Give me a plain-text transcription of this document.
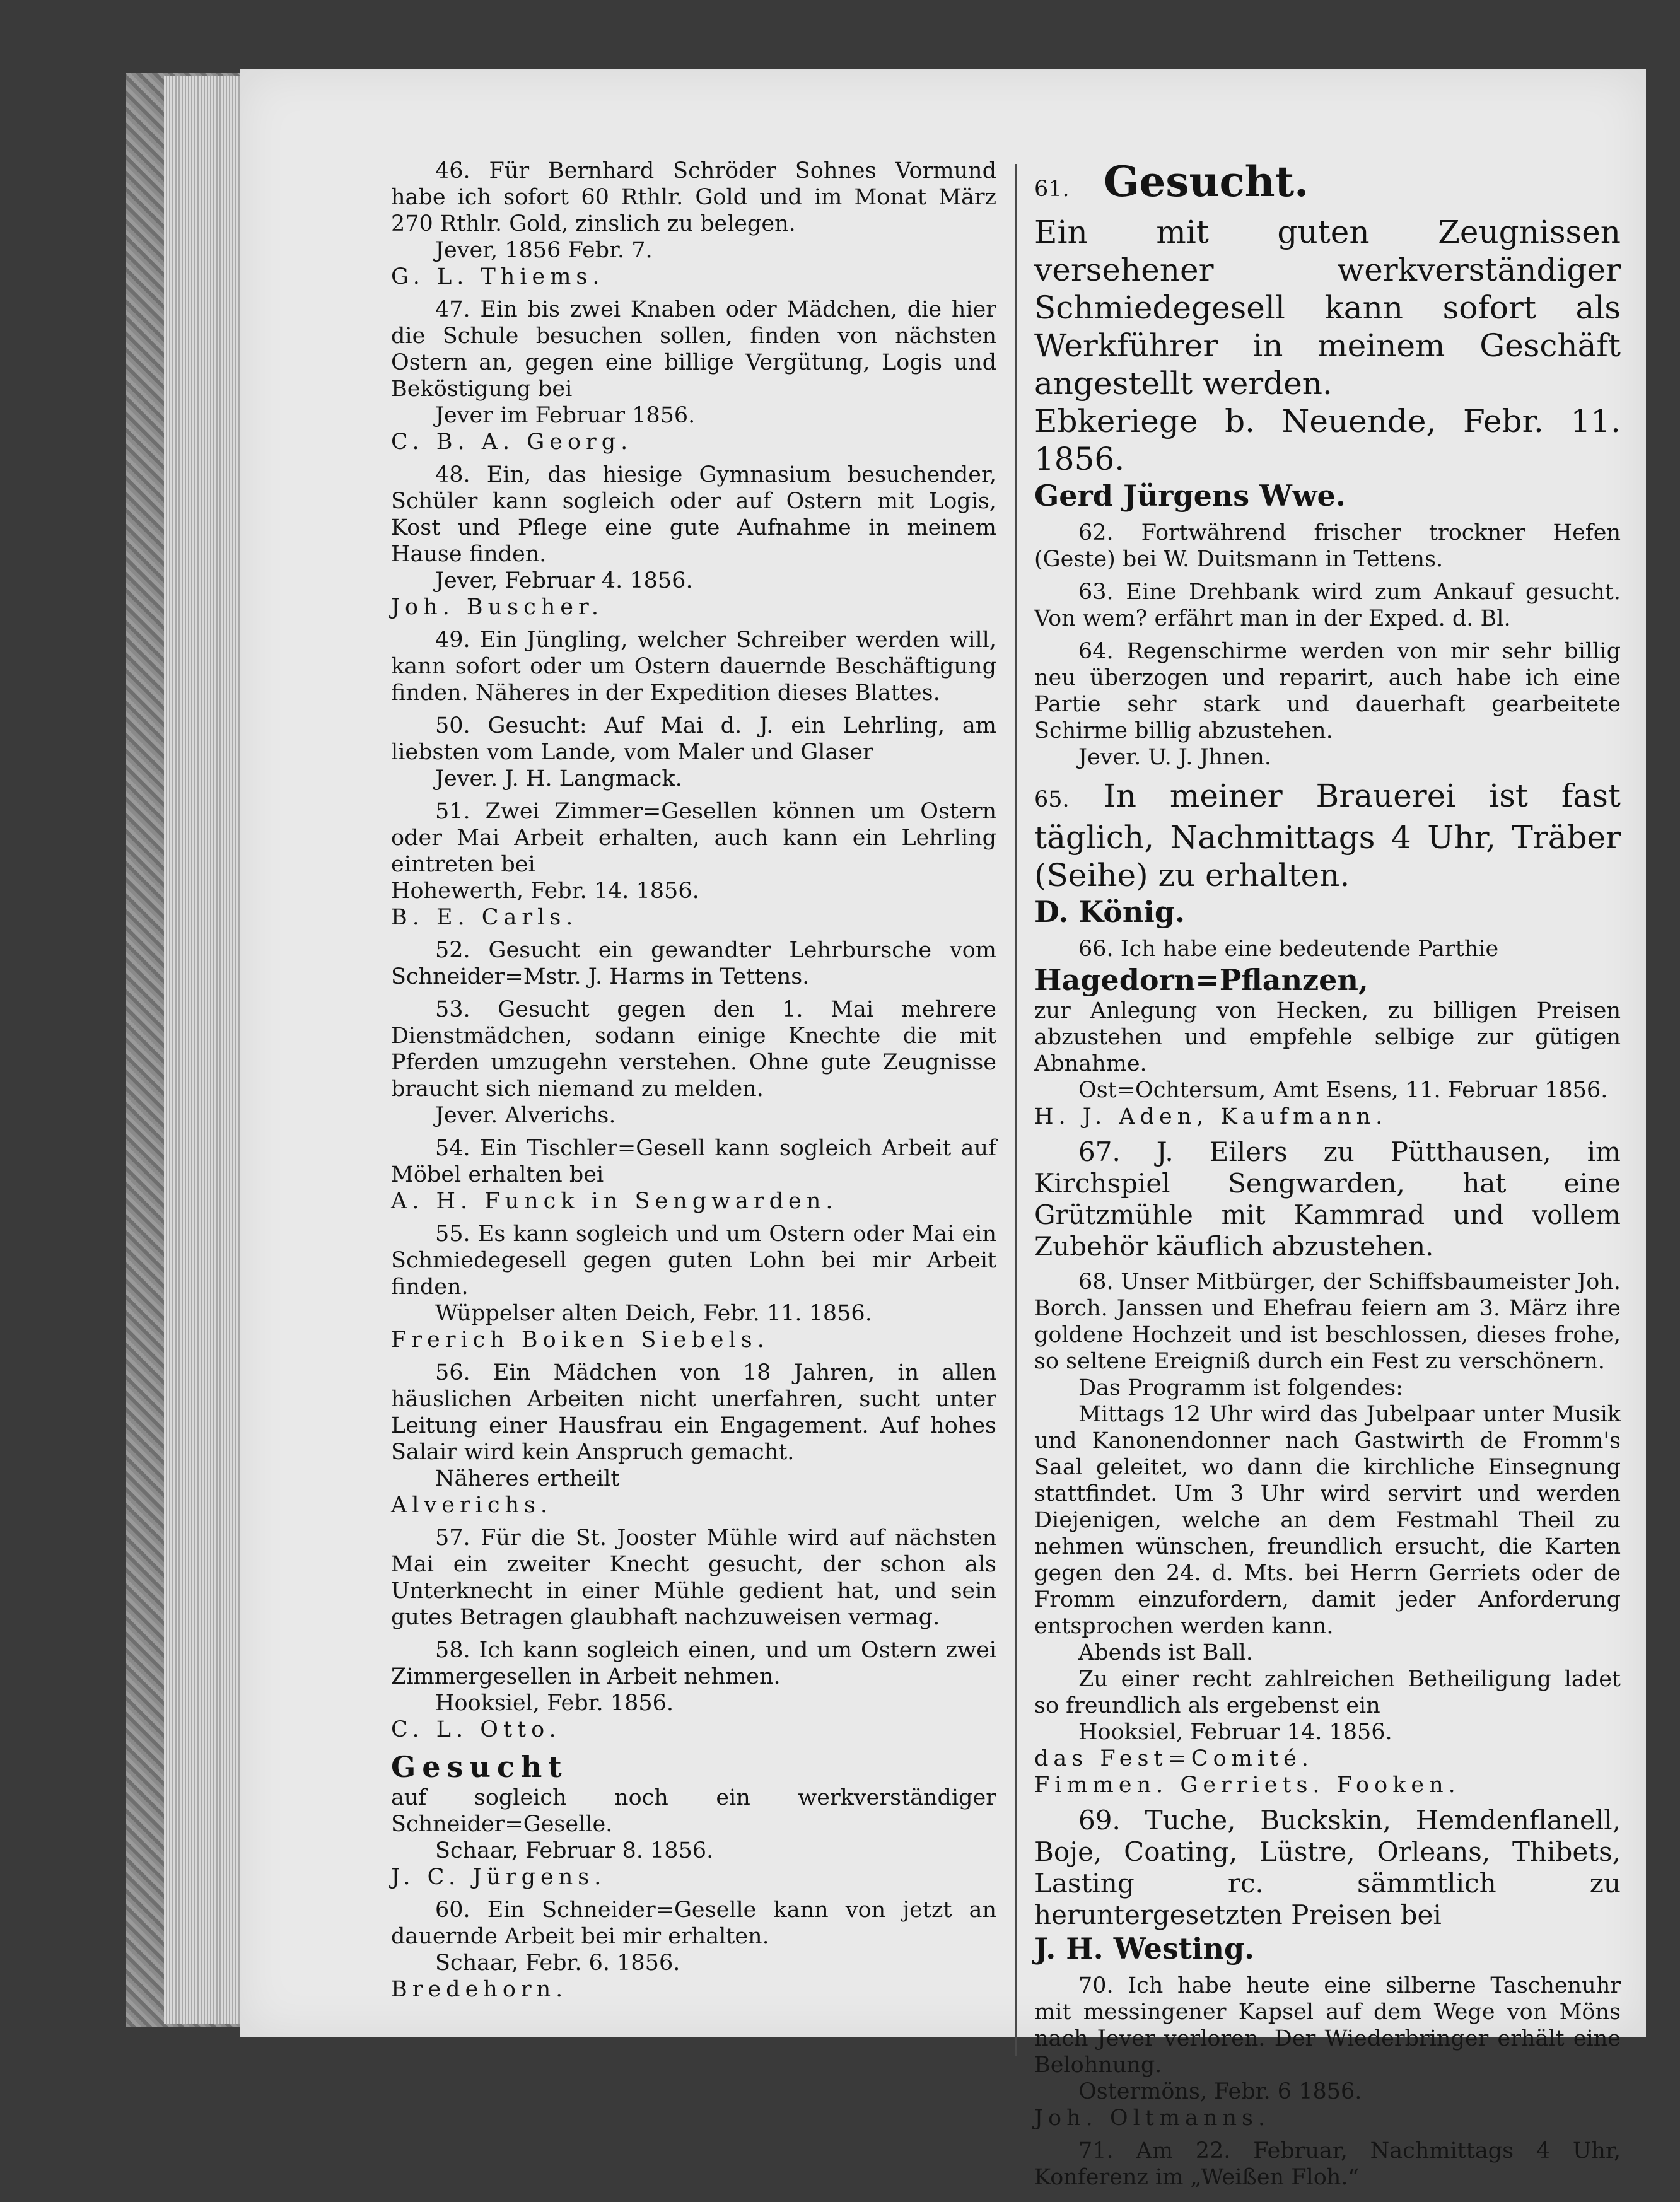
46. Für Bernhard Schröder Sohnes Vormund habe ich sofort 60 Rthlr. Gold und im Monat März 270 Rthlr. Gold, zinslich zu belegen.

Jever, 1856 Febr. 7.

G. L. Thiems.

47. Ein bis zwei Knaben oder Mädchen, die hier die Schule besuchen sollen, finden von nächsten Ostern an, gegen eine billige Vergütung, Logis und Beköstigung bei

Jever im Februar 1856.

C. B. A. Georg.

48. Ein, das hiesige Gymnasium besuchender, Schüler kann sogleich oder auf Ostern mit Logis, Kost und Pflege eine gute Aufnahme in meinem Hause finden.

Jever, Februar 4. 1856.

Joh. Buscher.

49. Ein Jüngling, welcher Schreiber werden will, kann sofort oder um Ostern dauernde Beschäftigung finden. Näheres in der Expedition dieses Blattes.

50. Gesucht: Auf Mai d. J. ein Lehrling, am liebsten vom Lande, vom Maler und Glaser

Jever. J. H. Langmack.

51. Zwei Zimmer=Gesellen können um Ostern oder Mai Arbeit erhalten, auch kann ein Lehrling eintreten bei

Hohewerth, Febr. 14. 1856.

B. E. Carls.

52. Gesucht ein gewandter Lehrbursche vom Schneider=Mstr. J. Harms in Tettens.

53. Gesucht gegen den 1. Mai mehrere Dienstmädchen, sodann einige Knechte die mit Pferden umzugehn verstehen. Ohne gute Zeugnisse braucht sich niemand zu melden.

Jever. Alverichs.

54. Ein Tischler=Gesell kann sogleich Arbeit auf Möbel erhalten bei

A. H. Funck in Sengwarden.

55. Es kann sogleich und um Ostern oder Mai ein Schmiedegesell gegen guten Lohn bei mir Arbeit finden.

Wüppelser alten Deich, Febr. 11. 1856.

Frerich Boiken Siebels.

56. Ein Mädchen von 18 Jahren, in allen häuslichen Arbeiten nicht unerfahren, sucht unter Leitung einer Hausfrau ein Engagement. Auf hohes Salair wird kein Anspruch gemacht.

Näheres ertheilt

Alverichs.

57. Für die St. Jooster Mühle wird auf nächsten Mai ein zweiter Knecht gesucht, der schon als Unterknecht in einer Mühle gedient hat, und sein gutes Betragen glaubhaft nachzuweisen vermag.

58. Ich kann sogleich einen, und um Ostern zwei Zimmergesellen in Arbeit nehmen.

Hooksiel, Febr. 1856.

C. L. Otto.

Gesucht

auf sogleich noch ein werkverständiger Schneider=Geselle.

Schaar, Februar 8. 1856.

J. C. Jürgens.

60. Ein Schneider=Geselle kann von jetzt an dauernde Arbeit bei mir erhalten.

Schaar, Febr. 6. 1856.

Bredehorn.

61. Gesucht.

Ein mit guten Zeugnissen versehener werkverständiger Schmiedegesell kann sofort als Werkführer in meinem Geschäft angestellt werden.

Ebkeriege b. Neuende, Febr. 11. 1856.

Gerd Jürgens Wwe.

62. Fortwährend frischer trockner Hefen (Geste) bei W. Duitsmann in Tettens.

63. Eine Drehbank wird zum Ankauf gesucht. Von wem? erfährt man in der Exped. d. Bl.

64. Regenschirme werden von mir sehr billig neu überzogen und reparirt, auch habe ich eine Partie sehr stark und dauerhaft gearbeitete Schirme billig abzustehen.

Jever. U. J. Jhnen.

65. In meiner Brauerei ist fast täglich, Nachmittags 4 Uhr, Träber (Seihe) zu erhalten.

D. König.

66. Ich habe eine bedeutende Parthie

Hagedorn=Pflanzen,

zur Anlegung von Hecken, zu billigen Preisen abzustehen und empfehle selbige zur gütigen Abnahme.

Ost=Ochtersum, Amt Esens, 11. Februar 1856.

H. J. Aden, Kaufmann.

67. J. Eilers zu Pütthausen, im Kirchspiel Sengwarden, hat eine Grützmühle mit Kammrad und vollem Zubehör käuflich abzustehen.

68. Unser Mitbürger, der Schiffsbaumeister Joh. Borch. Janssen und Ehefrau feiern am 3. März ihre goldene Hochzeit und ist beschlossen, dieses frohe, so seltene Ereigniß durch ein Fest zu verschönern.

Das Programm ist folgendes:

Mittags 12 Uhr wird das Jubelpaar unter Musik und Kanonendonner nach Gastwirth de Fromm's Saal geleitet, wo dann die kirchliche Einsegnung stattfindet. Um 3 Uhr wird servirt und werden Diejenigen, welche an dem Festmahl Theil zu nehmen wünschen, freundlich ersucht, die Karten gegen den 24. d. Mts. bei Herrn Gerriets oder de Fromm einzufordern, damit jeder Anforderung entsprochen werden kann.

Abends ist Ball.

Zu einer recht zahlreichen Betheiligung ladet so freundlich als ergebenst ein

Hooksiel, Februar 14. 1856.

das Fest=Comité.

Fimmen. Gerriets. Fooken.

69. Tuche, Buckskin, Hemdenflanell, Boje, Coating, Lüstre, Orleans, Thibets, Lasting rc. sämmtlich zu heruntergesetzten Preisen bei

J. H. Westing.

70. Ich habe heute eine silberne Taschenuhr mit messingener Kapsel auf dem Wege von Möns nach Jever verloren. Der Wiederbringer erhält eine Belohnung.

Ostermöns, Febr. 6 1856.

Joh. Oltmanns.

71. Am 22. Februar, Nachmittags 4 Uhr, Konferenz im „Weißen Floh.“
